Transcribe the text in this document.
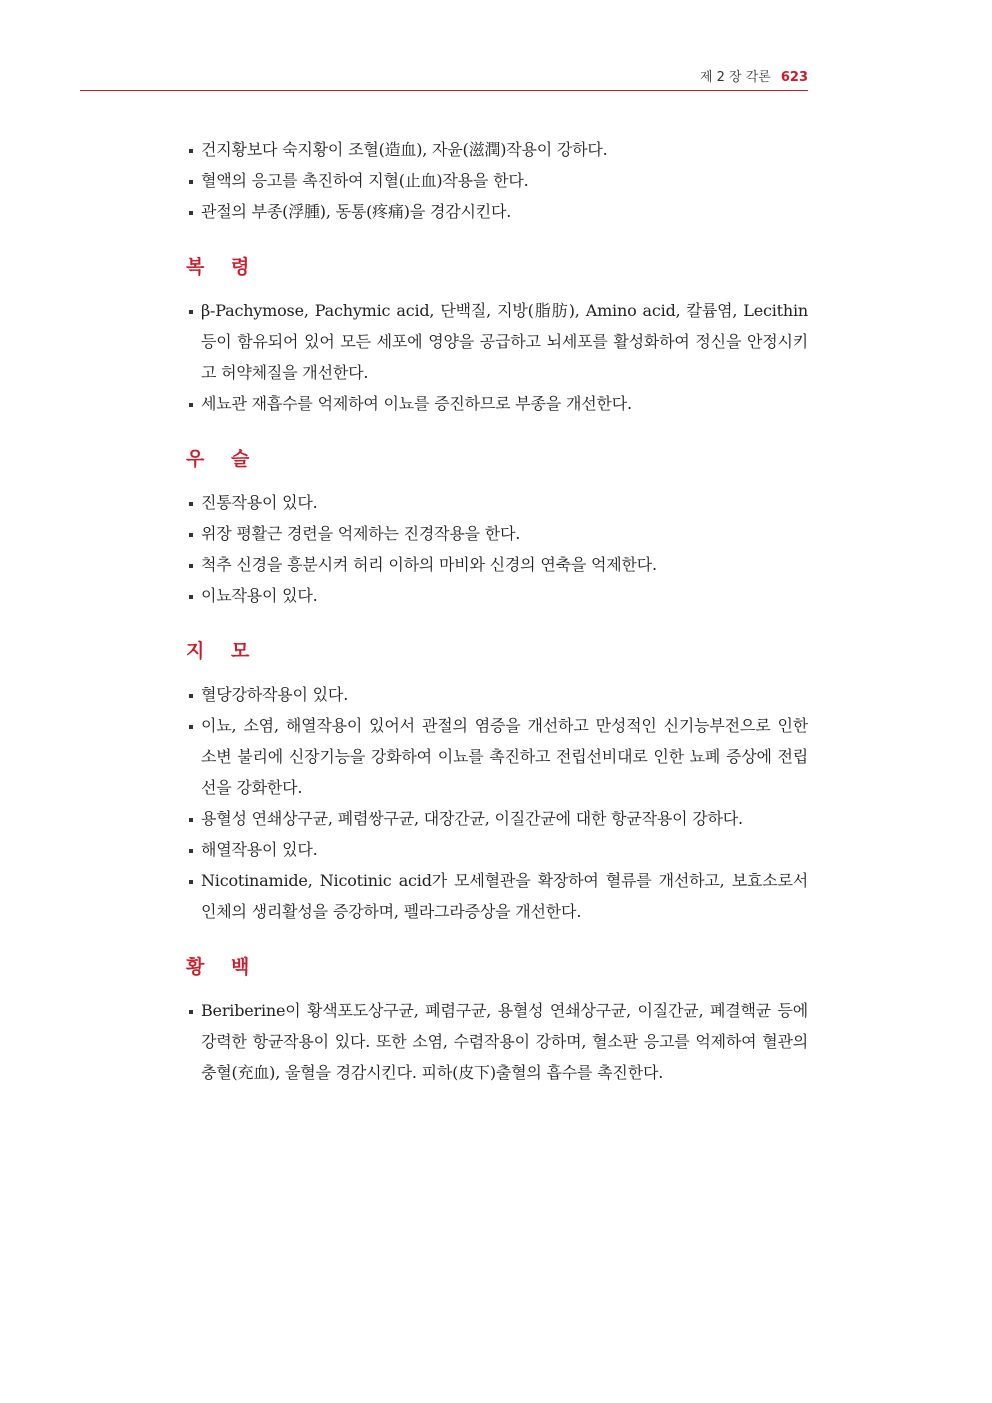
제 2 장 각론 623
건지황보다 숙지황이 조혈(造血), 자윤(滋潤)작용이 강하다.
혈액의 응고를 촉진하여 지혈(止血)작용을 한다.
관절의 부종(浮腫), 동통(疼痛)을 경감시킨다.
복 령
β-Pachymose, Pachymic acid, 단백질, 지방(脂肪), Amino acid, 칼륨염, Lecithin 등이 함유되어 있어 모든 세포에 영양을 공급하고 뇌세포를 활성화하여 정신을 안정시키고 허약체질을 개선한다.
세뇨관 재흡수를 억제하여 이뇨를 증진하므로 부종을 개선한다.
우 슬
진통작용이 있다.
위장 평활근 경련을 억제하는 진경작용을 한다.
척추 신경을 흥분시켜 허리 이하의 마비와 신경의 연축을 억제한다.
이뇨작용이 있다.
지 모
혈당강하작용이 있다.
이뇨, 소염, 해열작용이 있어서 관절의 염증을 개선하고 만성적인 신기능부전으로 인한 소변 불리에 신장기능을 강화하여 이뇨를 촉진하고 전립선비대로 인한 뇨폐 증상에 전립선을 강화한다.
용혈성 연쇄상구균, 폐렴쌍구균, 대장간균, 이질간균에 대한 항균작용이 강하다.
해열작용이 있다.
Nicotinamide, Nicotinic acid가 모세혈관을 확장하여 혈류를 개선하고, 보효소로서 인체의 생리활성을 증강하며, 펠라그라증상을 개선한다.
황 백
Beriberine이 황색포도상구균, 폐렴구균, 용혈성 연쇄상구균, 이질간균, 폐결핵균 등에 강력한 항균작용이 있다. 또한 소염, 수렴작용이 강하며, 혈소판 응고를 억제하여 혈관의 충혈(充血), 울혈을 경감시킨다. 피하(皮下)출혈의 흡수를 촉진한다.
